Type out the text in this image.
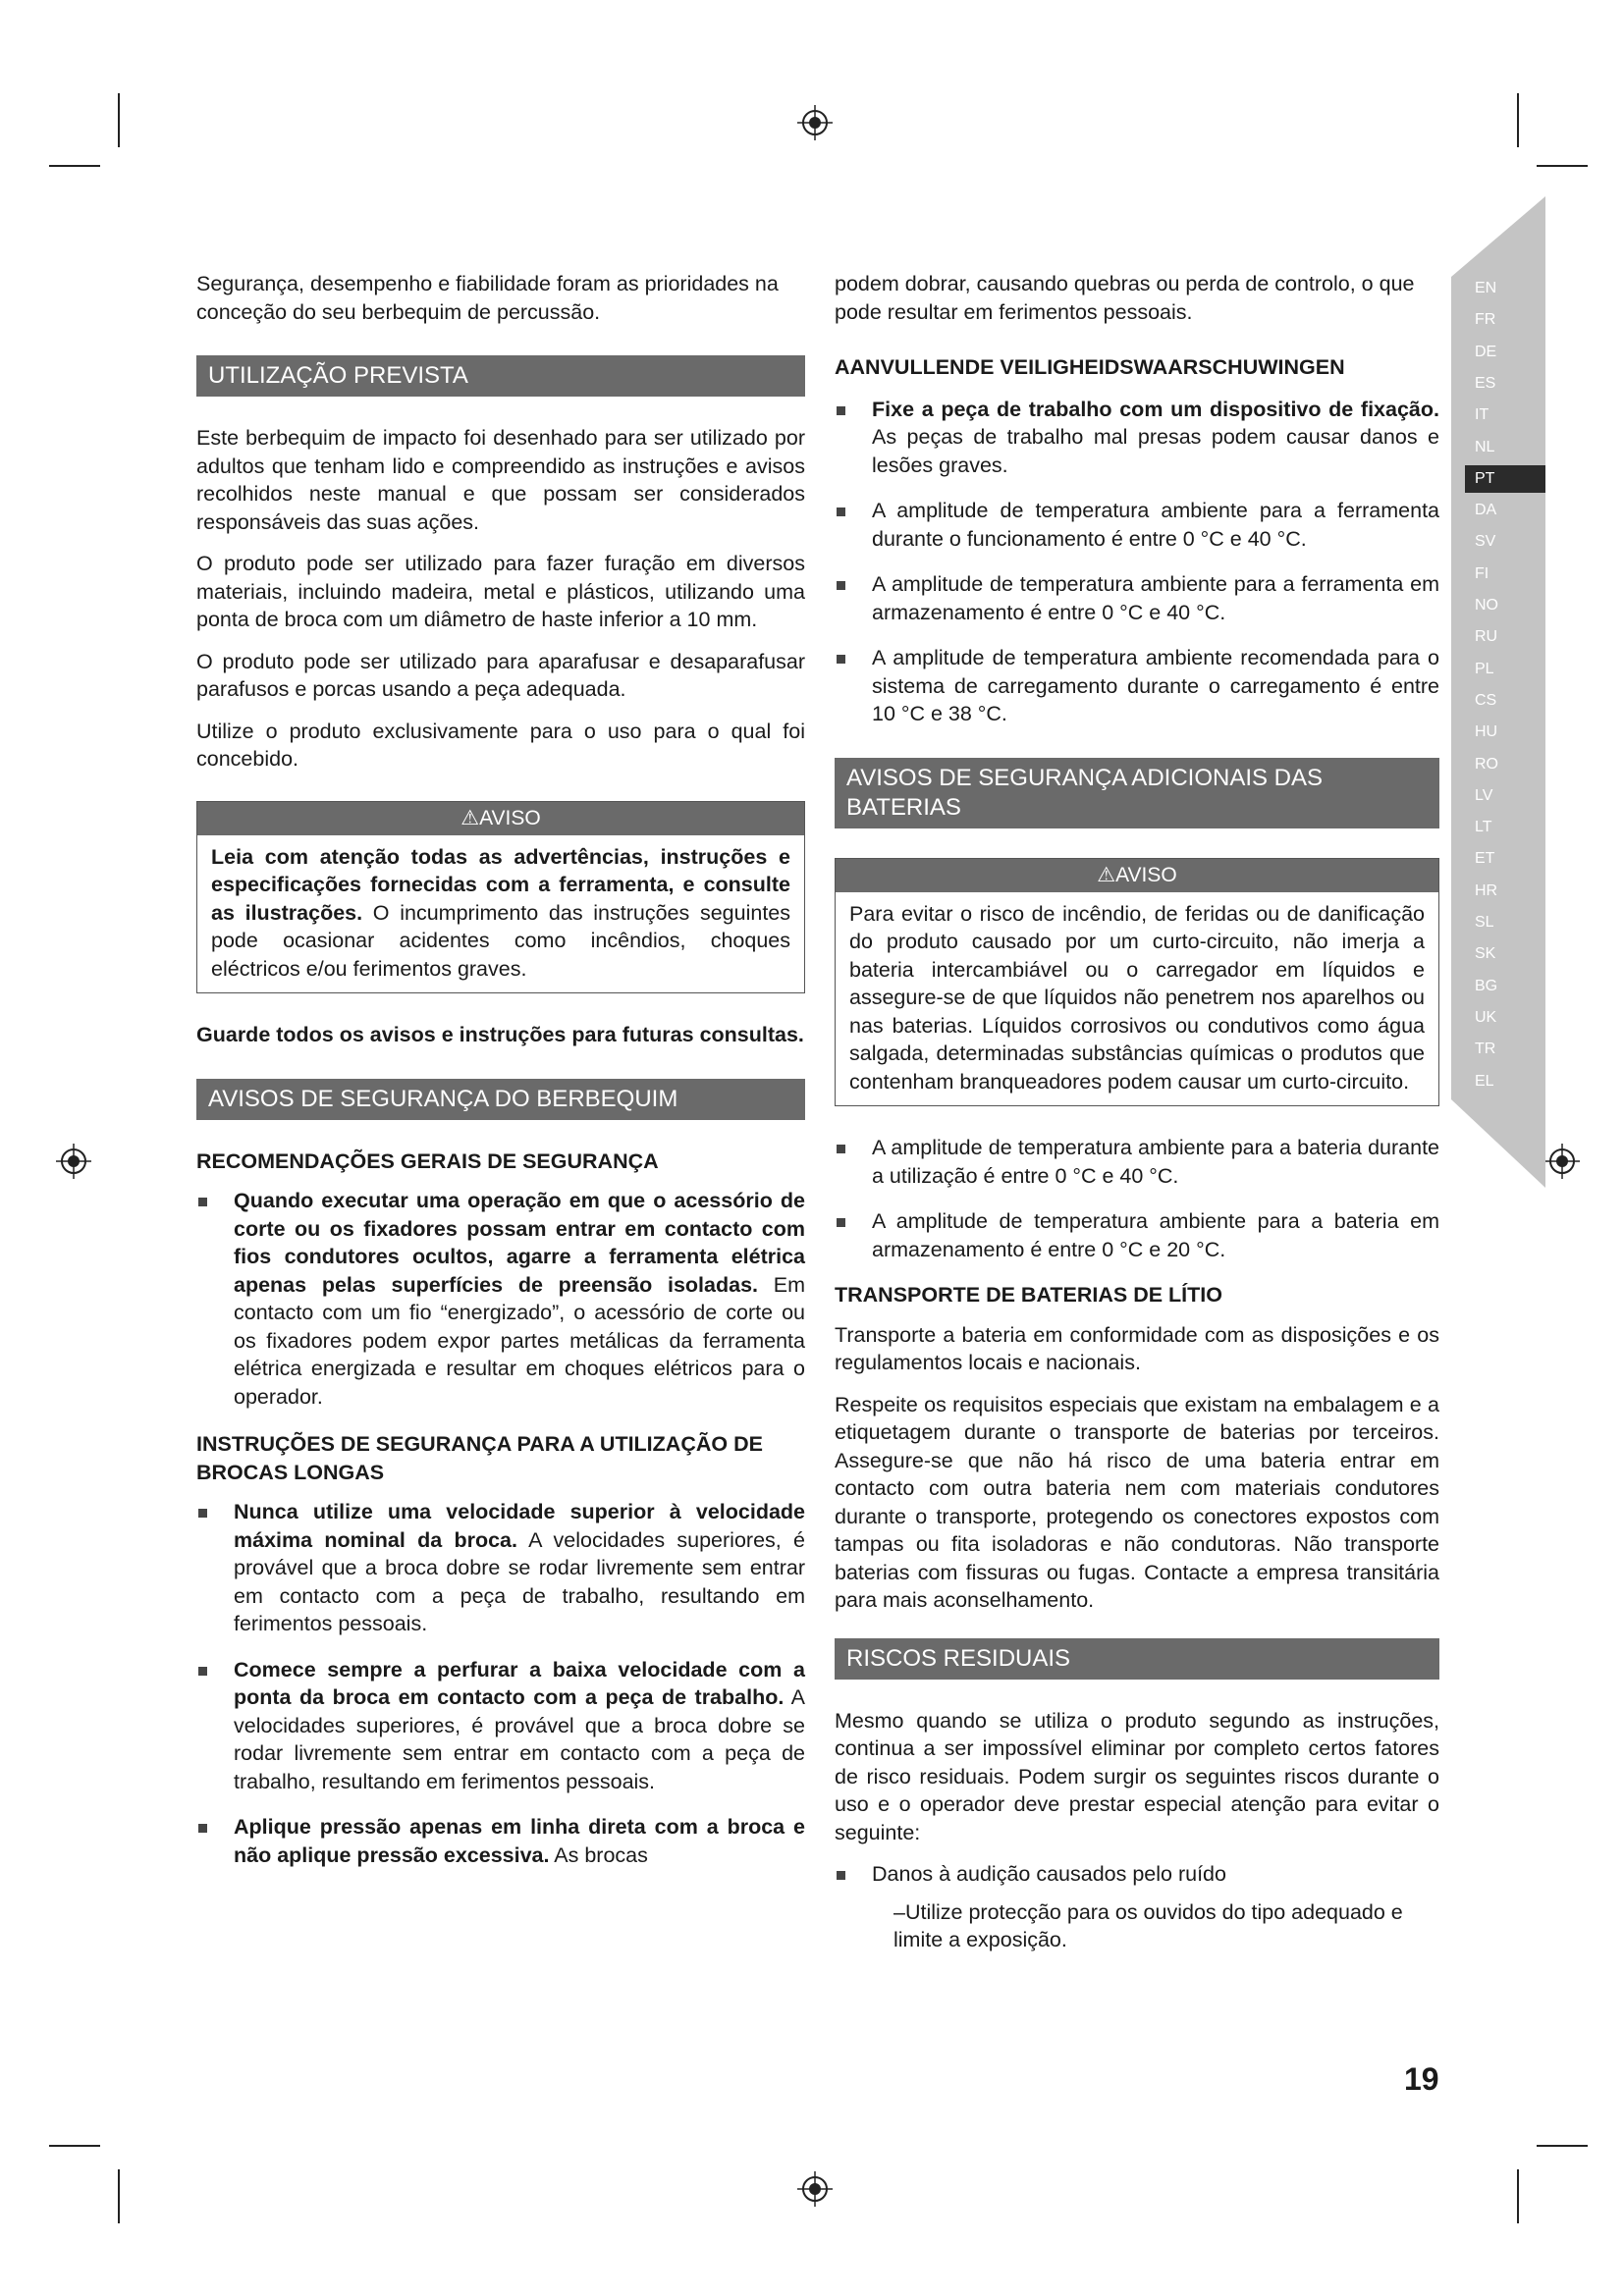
EN
FR
DE
ES
IT
NL
PT
DA
SV
FI
NO
RU
PL
CS
HU
RO
LV
LT
ET
HR
SL
SK
BG
UK
TR
EL

Segurança, desempenho e fiabilidade foram as prioridades na conceção do seu berbequim de percussão.

UTILIZAÇÃO PREVISTA

Este berbequim de impacto foi desenhado para ser utilizado por adultos que tenham lido e compreendido as instruções e avisos recolhidos neste manual e que possam ser considerados responsáveis das suas ações.

O produto pode ser utilizado para fazer furação em diversos materiais, incluindo madeira, metal e plásticos, utilizando uma ponta de broca com um diâmetro de haste inferior a 10 mm.

O produto pode ser utilizado para aparafusar e desaparafusar parafusos e porcas usando a peça adequada.

Utilize o produto exclusivamente para o uso para o qual foi concebido.

⚠AVISO
Leia com atenção todas as advertências, instruções e especificações fornecidas com a ferramenta, e consulte as ilustrações. O incumprimento das instruções seguintes pode ocasionar acidentes como incêndios, choques eléctricos e/ou ferimentos graves.

Guarde todos os avisos e instruções para futuras consultas.

AVISOS DE SEGURANÇA DO BERBEQUIM
RECOMENDAÇÕES GERAIS DE SEGURANÇA
Quando executar uma operação em que o acessório de corte ou os fixadores possam entrar em contacto com fios condutores ocultos, agarre a ferramenta elétrica apenas pelas superfícies de preensão isoladas. Em contacto com um fio “energizado”, o acessório de corte ou os fixadores podem expor partes metálicas da ferramenta elétrica energizada e resultar em choques elétricos para o operador.
INSTRUÇÕES DE SEGURANÇA PARA A UTILIZAÇÃO DE BROCAS LONGAS
Nunca utilize uma velocidade superior à velocidade máxima nominal da broca. A velocidades superiores, é provável que a broca dobre se rodar livremente sem entrar em contacto com a peça de trabalho, resultando em ferimentos pessoais.
Comece sempre a perfurar a baixa velocidade com a ponta da broca em contacto com a peça de trabalho. A velocidades superiores, é provável que a broca dobre se rodar livremente sem entrar em contacto com a peça de trabalho, resultando em ferimentos pessoais.
Aplique pressão apenas em linha direta com a broca e não aplique pressão excessiva. As brocas

podem dobrar, causando quebras ou perda de controlo, o que pode resultar em ferimentos pessoais.

AANVULLENDE VEILIGHEIDSWAARSCHUWINGEN
Fixe a peça de trabalho com um dispositivo de fixação. As peças de trabalho mal presas podem causar danos e lesões graves.
A amplitude de temperatura ambiente para a ferramenta durante o funcionamento é entre 0 °C e 40 °C.
A amplitude de temperatura ambiente para a ferramenta em armazenamento é entre 0 °C e 40 °C.
A amplitude de temperatura ambiente recomendada para o sistema de carregamento durante o carregamento é entre 10 °C e 38 °C.
AVISOS DE SEGURANÇA ADICIONAIS DAS BATERIAS
⚠AVISO
Para evitar o risco de incêndio, de feridas ou de danificação do produto causado por um curto-circuito, não imerja a bateria intercambiável ou o carregador em líquidos e assegure-se de que líquidos não penetrem nos aparelhos ou nas baterias. Líquidos corrosivos ou condutivos como água salgada, determinadas substâncias químicas o produtos que contenham branqueadores podem causar um curto-circuito.
A amplitude de temperatura ambiente para a bateria durante a utilização é entre 0 °C e 40 °C.
A amplitude de temperatura ambiente para a bateria em armazenamento é entre 0 °C e 20 °C.
TRANSPORTE DE BATERIAS DE LÍTIO

Transporte a bateria em conformidade com as disposições e os regulamentos locais e nacionais.

Respeite os requisitos especiais que existam na embalagem e a etiquetagem durante o transporte de baterias por terceiros. Assegure-se que não há risco de uma bateria entrar em contacto com outra bateria nem com materiais condutores durante o transporte, protegendo os conectores expostos com tampas ou fita isoladoras e não condutoras. Não transporte baterias com fissuras ou fugas. Contacte a empresa transitária para mais aconselhamento.

RISCOS RESIDUAIS

Mesmo quando se utiliza o produto segundo as instruções, continua a ser impossível eliminar por completo certos fatores de risco residuais. Podem surgir os seguintes riscos durante o uso e o operador deve prestar especial atenção para evitar o seguinte:

Danos à audição causados pelo ruído
–Utilize protecção para os ouvidos do tipo adequado e limite a exposição.
19
